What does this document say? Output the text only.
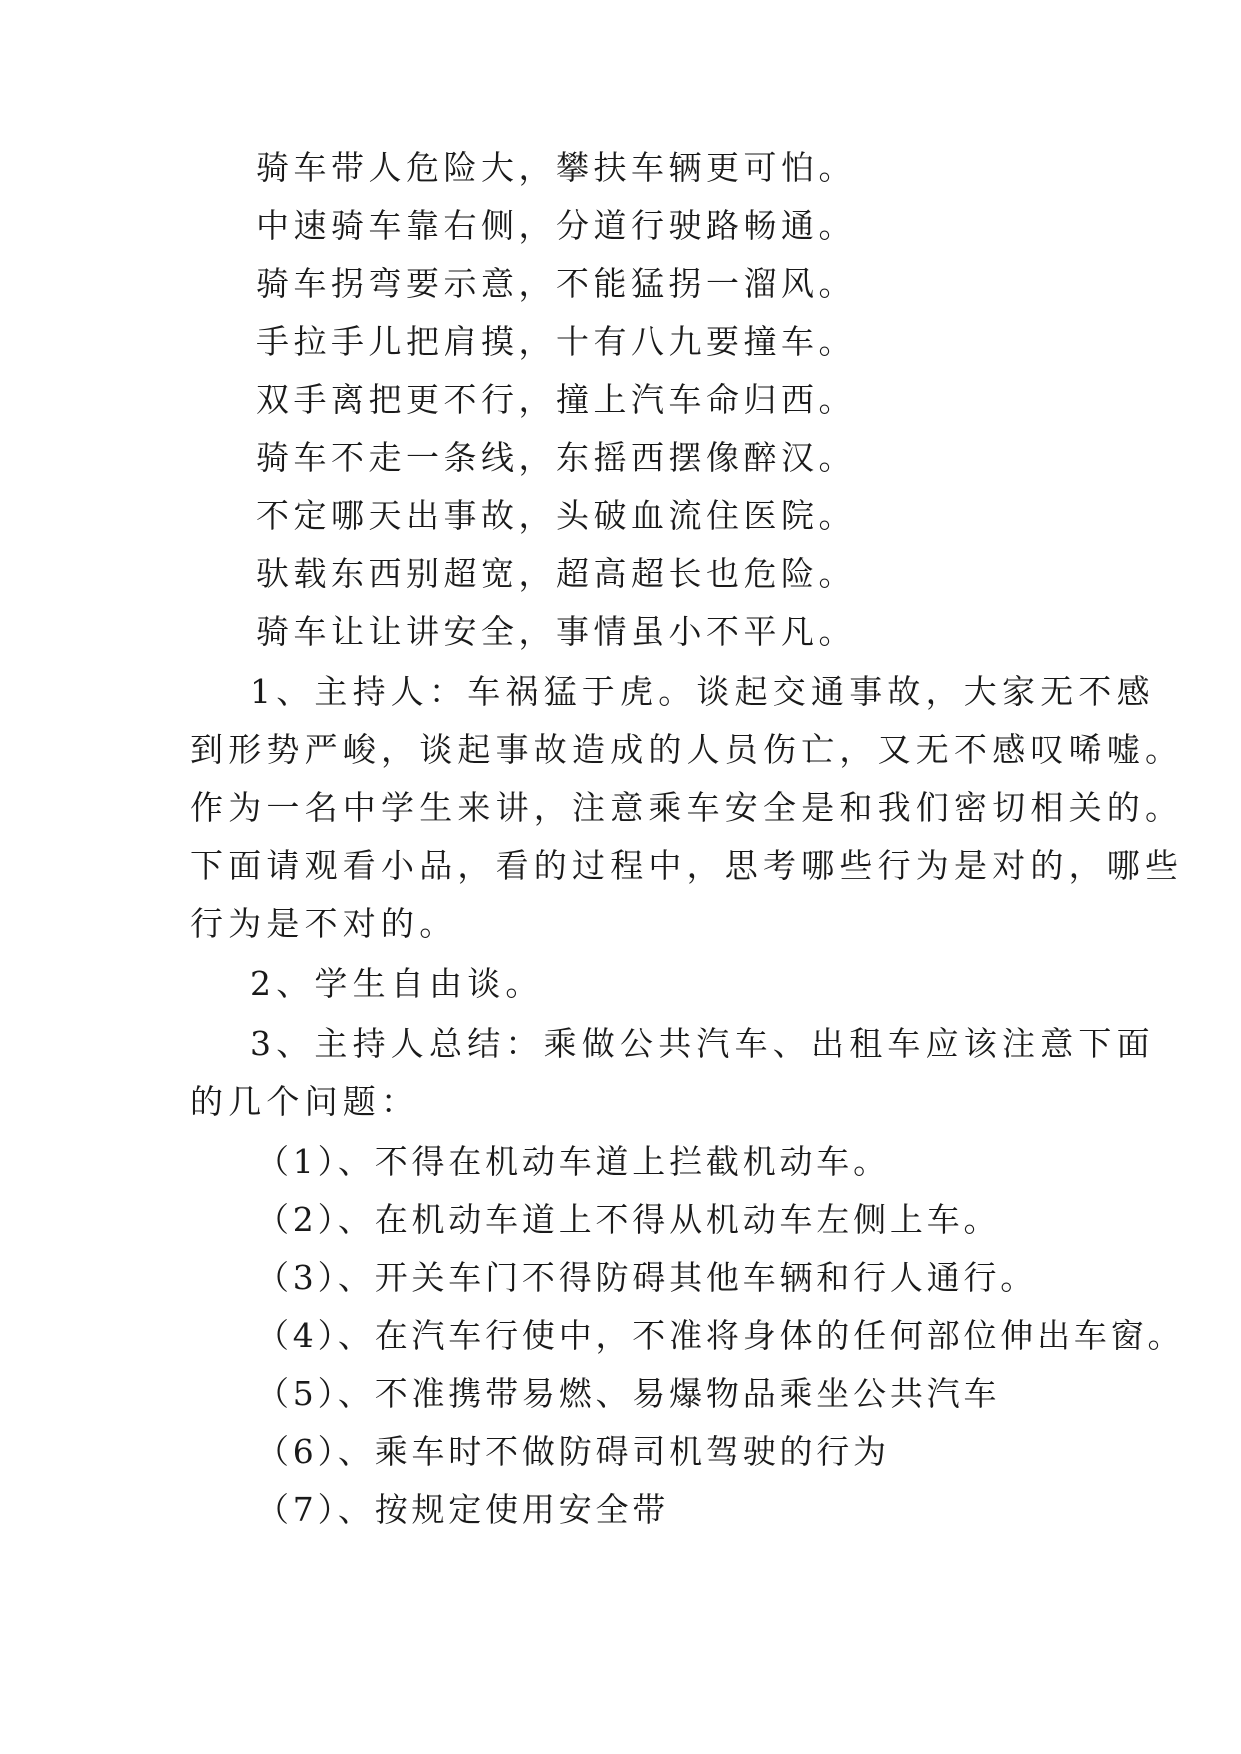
骑车带人危险大，攀扶车辆更可怕。
中速骑车靠右侧，分道行驶路畅通。
骑车拐弯要示意，不能猛拐一溜风。
手拉手儿把肩摸，十有八九要撞车。
双手离把更不行，撞上汽车命归西。
骑车不走一条线，东摇西摆像醉汉。
不定哪天出事故，头破血流住医院。
驮载东西别超宽，超高超长也危险。
骑车让让讲安全，事情虽小不平凡。
1、主持人：车祸猛于虎。谈起交通事故，大家无不感
到形势严峻，谈起事故造成的人员伤亡，又无不感叹唏嘘。
作为一名中学生来讲，注意乘车安全是和我们密切相关的。
下面请观看小品，看的过程中，思考哪些行为是对的，哪些
行为是不对的。
2、学生自由谈。
3、主持人总结：乘做公共汽车、出租车应该注意下面
的几个问题：
（1）、不得在机动车道上拦截机动车。
（2）、在机动车道上不得从机动车左侧上车。
（3）、开关车门不得防碍其他车辆和行人通行。
（4）、在汽车行使中，不准将身体的任何部位伸出车窗。
（5）、不准携带易燃、易爆物品乘坐公共汽车
（6）、乘车时不做防碍司机驾驶的行为
（7）、按规定使用安全带
